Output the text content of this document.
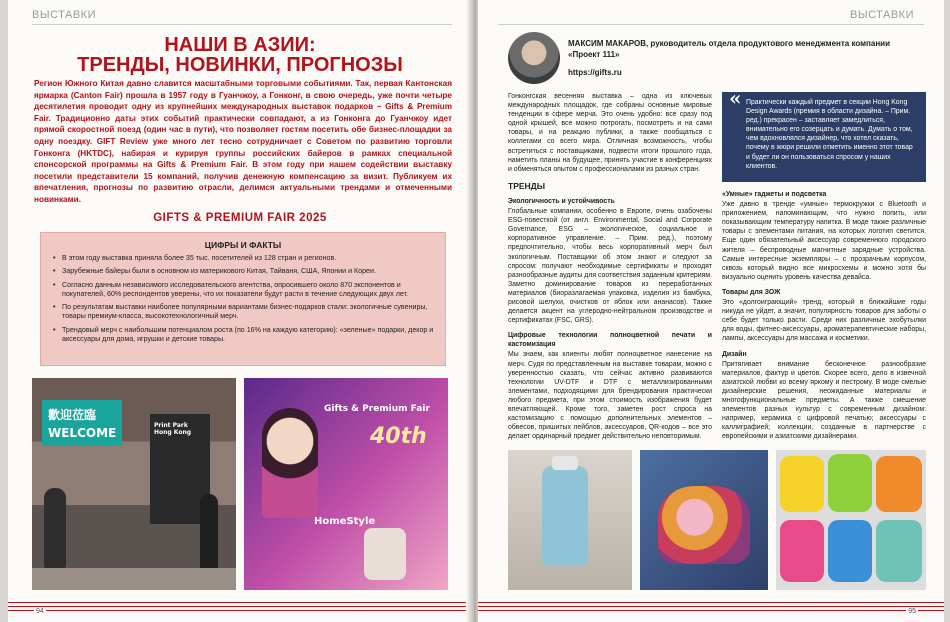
ВЫСТАВКИ
НАШИ В АЗИИ:
ТРЕНДЫ, НОВИНКИ, ПРОГНОЗЫ
Регион Южного Китая давно славится масштабными торговыми событиями. Так, первая Кантонская ярмарка (Canton Fair) прошла в 1957 году в Гуанчжоу, а Гонконг, в свою очередь, уже почти четыре десятилетия проводит одну из крупнейших международных выставок подарков – Gifts & Premium Fair. Традиционно даты этих событий практически совпадают, а из Гонконга до Гуанчжоу идет прямой скоростной поезд (один час в пути), что позволяет гостям посетить обе бизнес-площадки за одну поездку. GIFT Review уже много лет тесно сотрудничает с Советом по развитию торговли Гонконга (HKTDC), набирая и курируя группы российских байеров в рамках специальной спонсорской программы на Gifts & Premium Fair. В этом году при нашем содействии выставку посетили представители 15 компаний, получив денежную компенсацию за визит. Публикуем их впечатления, прогнозы по развитию отрасли, делимся актуальными трендами и отмеченными новинками.
GIFTS & PREMIUM FAIR 2025
ЦИФРЫ И ФАКТЫ
• В этом году выставка приняла более 35 тыс. посетителей из 128 стран и регионов.
• Зарубежные байеры были в основном из материкового Китая, Тайваня, США, Японии и Кореи.
• Согласно данным независимого исследовательского агентства, опросившего около 870 экспонентов и покупателей, 60% респондентов уверены, что их показатели будут расти в течение следующих двух лет.
• По результатам выставки наиболее популярными вариантами бизнес-подарков стали: экологичные сувениры, товары премиум-класса, высокотехнологичный мерч.
• Трендовый мерч с наибольшим потенциалом роста (по 16% на каждую категорию): «зеленые» подарки, декор и аксессуары для дома, игрушки и детские товары.
歡迎莅臨
WELCOME
Print Park Hong Kong
Gifts & Premium Fair
40th
HomeStyle
94
ВЫСТАВКИ
МАКСИМ МАКАРОВ, руководитель отдела продуктового менеджмента компании «Проект 111»
https://gifts.ru

Гонконгская весенняя выставка – одна из ключевых международных площадок, где собраны основные мировые тенденции в сфере мерча. Это очень удобно: все сразу под одной крышей, все можно потрогать, посмотреть и на сами товары, и на реакцию публики, а также пообщаться с коллегами со всего мира. Отличная возможность, чтобы встретиться с поставщиками, подвести итоги прошлого года, наметить планы на будущее, принять участие в конференциях и обменяться опытом с профессионалами из разных стран.

ТРЕНДЫ
Экологичность и устойчивость

Глобальные компании, особенно в Европе, очень озабочены ESG-повесткой (от англ. Environmental, Social and Corporate Governance, ESG – экологическое, социальное и корпоративное управление. – Прим. ред.), поэтому предпочтительно, чтобы весь корпоративный мерч был экологичным. Поставщики об этом знают и следуют за спросом: получают необходимые сертификаты и проходят разнообразные аудиты для соответствия заданным критериям. Заметно доминирование товаров из переработанных материалов (биоразлагаемая упаковка, изделия из бамбука, рисовой шелухи, очистков от яблок или ананасов). Также делается акцент на углеродно-нейтральном производстве и сертификатах (FSC, GRS).

Цифровые технологии полноцветной печати и кастомизация

Мы знаем, как клиенты любят полноцветное нанесение на мерч. Судя по представленным на выставке товарам, можно с уверенностью сказать, что сейчас активно развиваются технологии UV-DTF и DTF с металлизированными элементами, подходящими для брендирования практически любого предмета, при этом стоимость изображения будет впечатляющей. Кроме того, заметен рост спроса на кастомизацию с помощью дополнительных элементов – обвесов, пришитых лейблов, аксессуаров, QR-кодов – все это делает ординарный предмет действительно неповторимым.

« Практически каждый предмет в секции Hong Kong Design Awards (премия в области дизайна. – Прим. ред.) прекрасен – заставляет замедлиться, внимательно его созерцать и думать. Думать о том, чем вдохновлялся дизайнер, что хотел сказать, почему в жюри решили отметить именно этот товар и будет ли он пользоваться спросом у наших клиентов.
«Умные» гаджеты и подсветка

Уже давно в тренде «умные» термокружки с Bluetooth и приложением, напоминающим, что нужно попить, или показывающим температуру напитка. В моде также различные товары с элементами питания, на которых логотип светится. Еще один обязательный аксессуар современного городского жителя – беспроводные магнитные зарядные устройства. Самые интересные экземпляры – с прозрачным корпусом, сквозь который видно все микросхемы и можно хотя бы визуально оценить уровень качества девайса.

Товары для ЗОЖ

Это «долгоиграющий» тренд, который в ближайшие годы никуда не уйдет, а значит, популярность товаров для заботы о себе будет только расти. Среди них различные эхобутылки для воды, фитнес-аксессуары, ароматерапевтические наборы, лампы, аксессуары для массажа и косметики.

Дизайн

Притягивает внимание бесконечное разнообразие материалов, фактур и цветов. Скорее всего, дело в извечной азиатской любви ко всему яркому и пестрому. В моде смелые дизайнерские решения, неожиданные материалы и многофункциональные предметы. А также смешение элементов разных культур с современным дизайном: например, керамика с цифровой печатью; аксессуары с каллиграфией; коллекции, созданные в партнерстве с европейскими и азиатскими дизайнерами.

95
